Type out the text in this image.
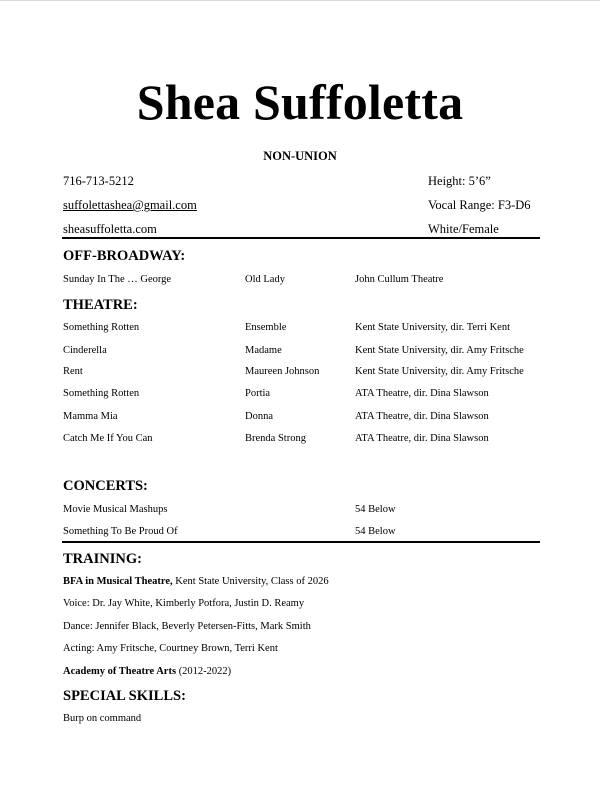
Shea Suffoletta
NON-UNION
716-713-5212	Height: 5’6”
suffolettashea@gmail.com	Vocal Range: F3-D6
sheasuffoletta.com	White/Female
OFF-BROADWAY:
Sunday In The … George	Old Lady	John Cullum Theatre
THEATRE:
Something Rotten	Ensemble	Kent State University, dir. Terri Kent
Cinderella	Madame	Kent State University, dir. Amy Fritsche
Rent	Maureen Johnson	Kent State University, dir. Amy Fritsche
Something Rotten	Portia	ATA Theatre, dir. Dina Slawson
Mamma Mia	Donna	ATA Theatre, dir. Dina Slawson
Catch Me If You Can	Brenda Strong	ATA Theatre, dir. Dina Slawson
CONCERTS:
Movie Musical Mashups	54 Below
Something To Be Proud Of	54 Below
TRAINING:
BFA in Musical Theatre, Kent State University, Class of 2026
Voice: Dr. Jay White, Kimberly Potfora, Justin D. Reamy
Dance: Jennifer Black, Beverly Petersen-Fitts, Mark Smith
Acting: Amy Fritsche, Courtney Brown, Terri Kent
Academy of Theatre Arts (2012-2022)
SPECIAL SKILLS:
Burp on command
